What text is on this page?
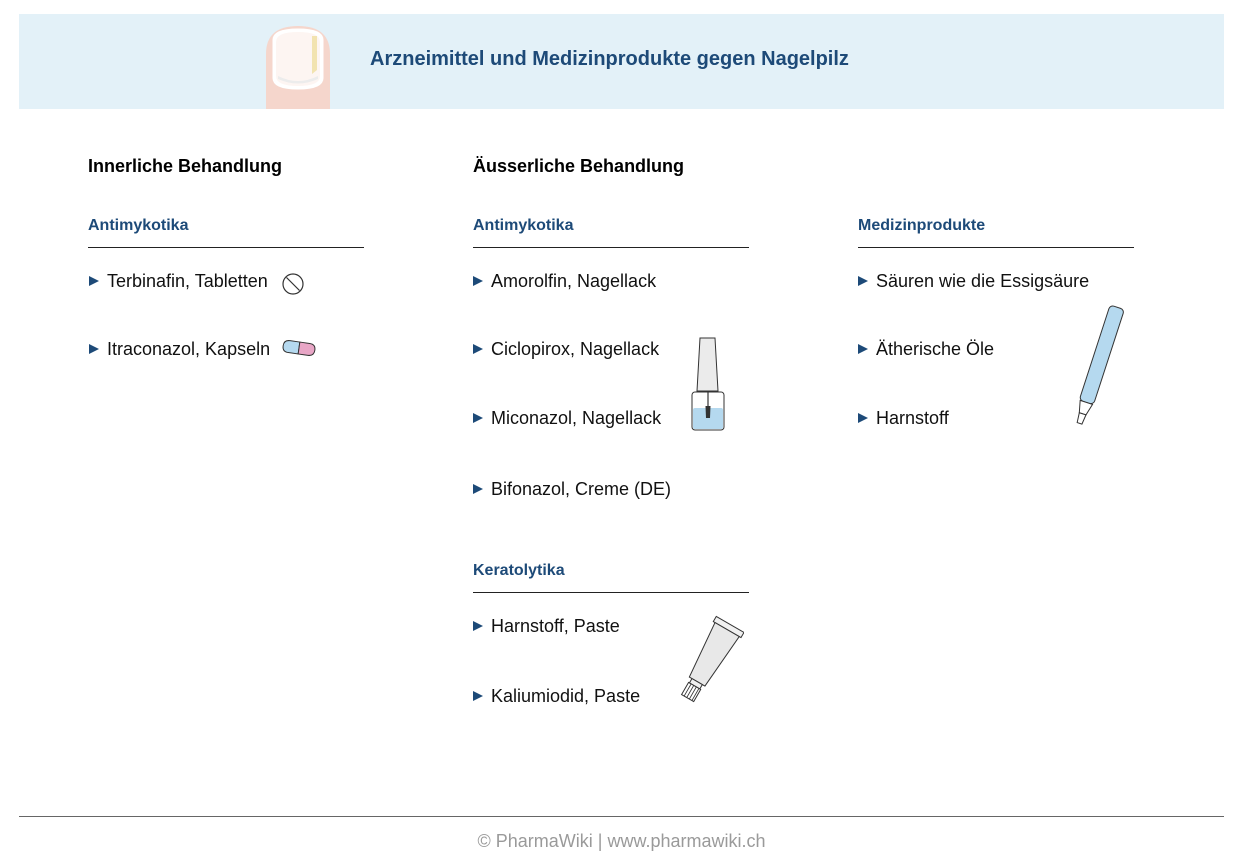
Arzneimittel und Medizinprodukte gegen Nagelpilz
Innerliche Behandlung	Äusserliche Behandlung
Antimykotika
Terbinafin, Tabletten
Itraconazol, Kapseln
Antimykotika
Amorolfin, Nagellack
Ciclopirox, Nagellack
Miconazol, Nagellack
Bifonazol, Creme (DE)
Keratolytika
Harnstoff, Paste
Kaliumiodid, Paste
Medizinprodukte
Säuren wie die Essigsäure
Ätherische Öle
Harnstoff
© PharmaWiki | www.pharmawiki.ch
